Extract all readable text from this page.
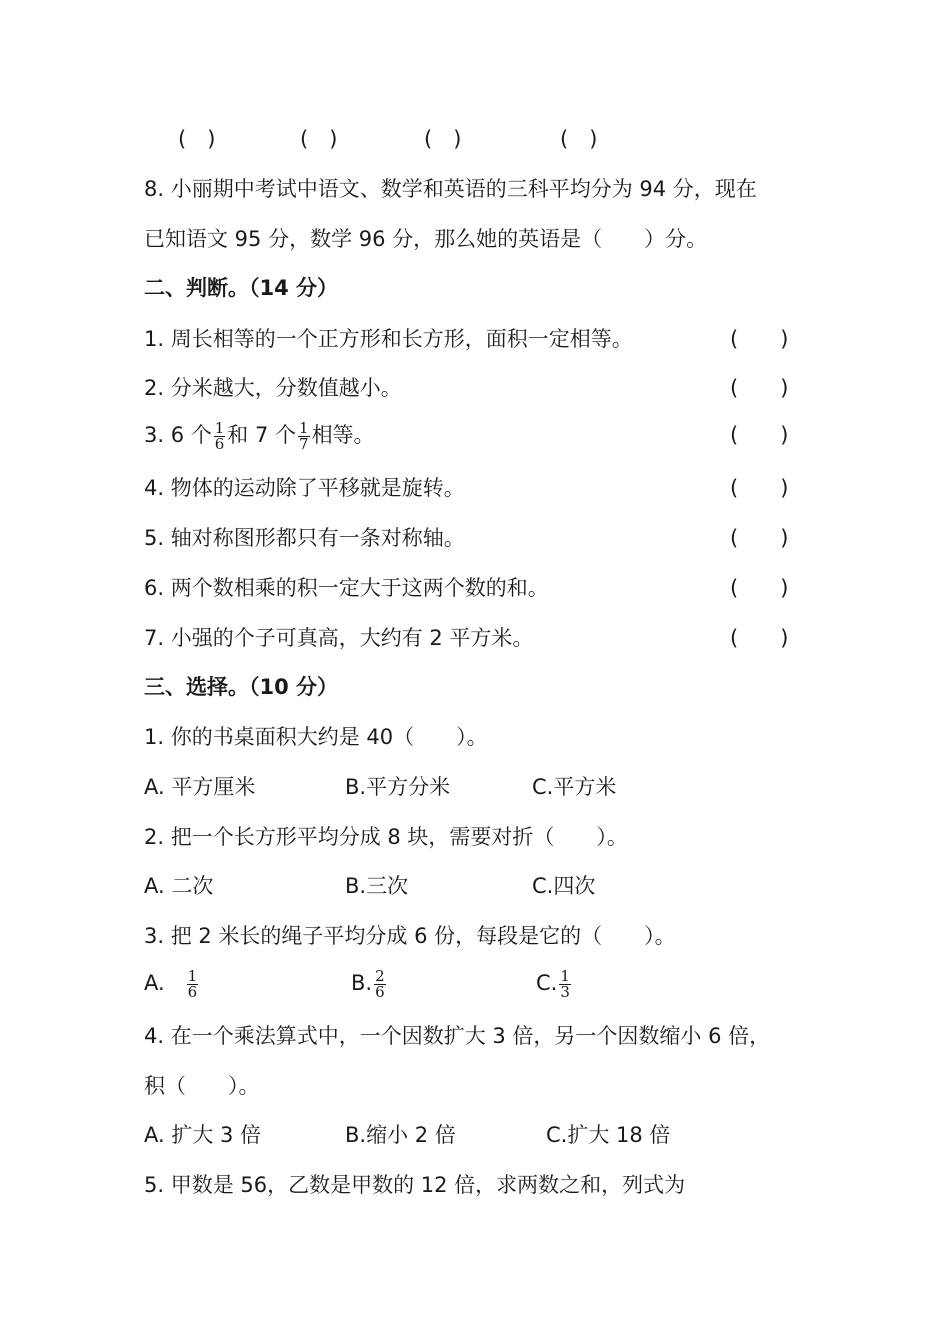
(　)	(　)	(　)	(　)
8. 小丽期中考试中语文、数学和英语的三科平均分为 94 分，现在
已知语文 95 分，数学 96 分，那么她的英语是（　　）分。
二、判断。（14 分）
1. 周长相等的一个正方形和长方形，面积一定相等。	(　　)
2. 分米越大，分数值越小。	(　　)
3. 6 个 $\frac{1}{6}$ 和 7 个 $\frac{1}{7}$ 相等。	(　　)
4. 物体的运动除了平移就是旋转。	(　　)
5. 轴对称图形都只有一条对称轴。	(　　)
6. 两个数相乘的积一定大于这两个数的和。	(　　)
7. 小强的个子可真高，大约有 2 平方米。	(　　)
三、选择。（10 分）
1. 你的书桌面积大约是 40（　　）。
A. 平方厘米	B.平方分米	C.平方米
2. 把一个长方形平均分成 8 块，需要对折（　　）。
A. 二次	B.三次	C.四次
3. 把 2 米长的绳子平均分成 6 份，每段是它的（　　）。
A. $\frac{1}{6}$	B. $\frac{2}{6}$	C. $\frac{1}{3}$
4. 在一个乘法算式中，一个因数扩大 3 倍，另一个因数缩小 6 倍，
积（　　）。
A. 扩大 3 倍	B.缩小 2 倍	C.扩大 18 倍
5. 甲数是 56，乙数是甲数的 12 倍，求两数之和，列式为
